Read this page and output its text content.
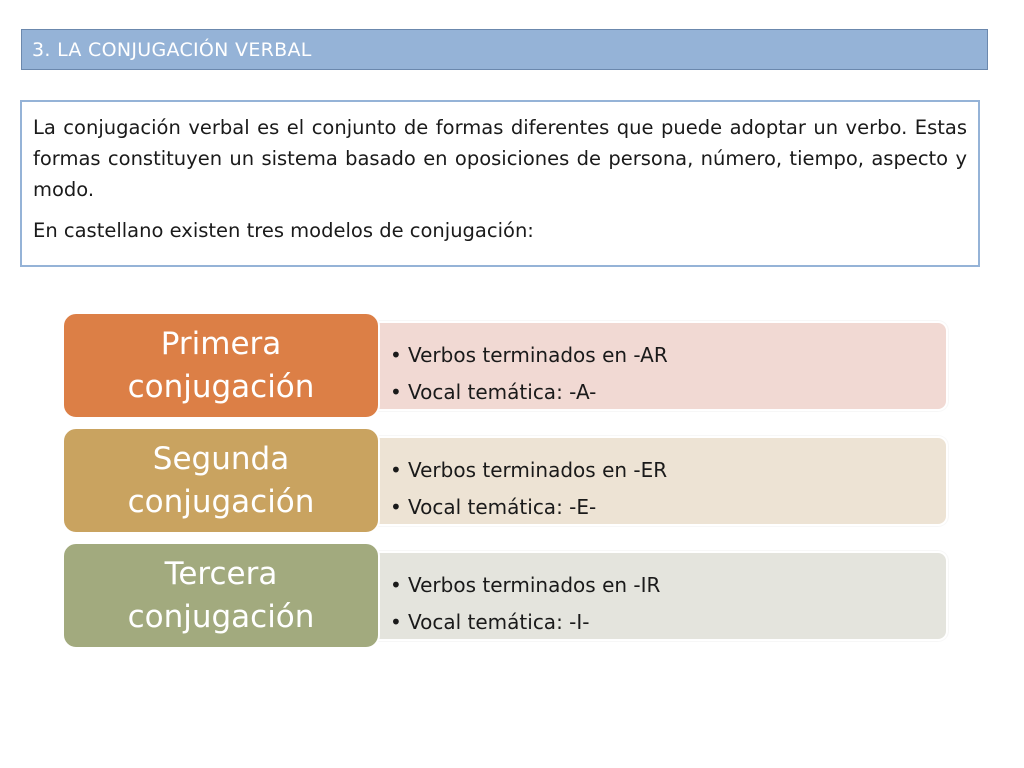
3. LA CONJUGACIÓN VERBAL

La conjugación verbal es el conjunto de formas diferentes que puede adoptar un verbo. Estas formas constituyen un sistema basado en oposiciones de persona, número, tiempo, aspecto y modo.

En castellano existen tres modelos de conjugación:

• Verbos terminados en -AR
• Vocal temática: -A-
Primera
conjugación
• Verbos terminados en -ER
• Vocal temática: -E-
Segunda
conjugación
• Verbos terminados en -IR
• Vocal temática: -I-
Tercera
conjugación
